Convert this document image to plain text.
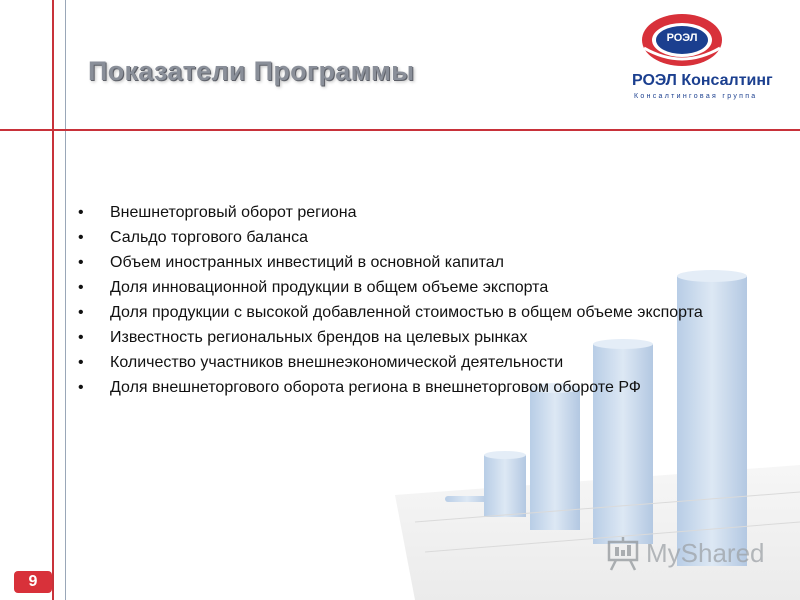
Показатели Программы
РОЭЛ
РОЭЛ Консалтинг
Консалтинговая группа
• Внешнеторговый оборот региона
• Сальдо торгового баланса
• Объем иностранных инвестиций в основной капитал
• Доля инновационной продукции в общем объеме экспорта
• Доля продукции с высокой добавленной стоимостью в общем объеме экспорта
• Известность региональных брендов на целевых рынках
• Количество участников внешнеэкономической деятельности
• Доля внешнеторгового оборота региона в внешнеторговом обороте РФ
MyShared
9
